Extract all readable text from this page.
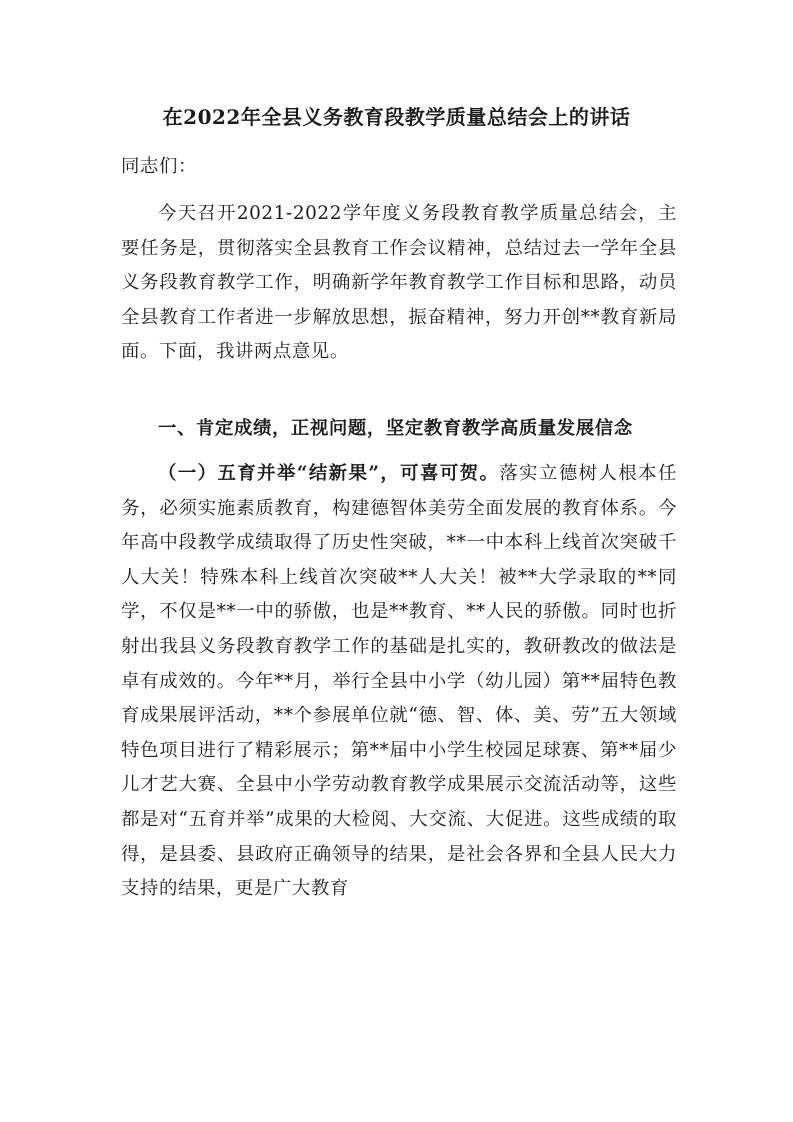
在2022年全县义务教育段教学质量总结会上的讲话
同志们：
今天召开2021-2022学年度义务段教育教学质量总结会，主要任务是，贯彻落实全县教育工作会议精神，总结过去一学年全县义务段教育教学工作，明确新学年教育教学工作目标和思路，动员全县教育工作者进一步解放思想，振奋精神，努力开创**教育新局面。下面，我讲两点意见。
一、肯定成绩，正视问题，坚定教育教学高质量发展信念
（一）五育并举“结新果”，可喜可贺。落实立德树人根本任务，必须实施素质教育，构建德智体美劳全面发展的教育体系。今年高中段教学成绩取得了历史性突破，**一中本科上线首次突破千人大关！特殊本科上线首次突破**人大关！被**大学录取的**同学，不仅是**一中的骄傲，也是**教育、**人民的骄傲。同时也折射出我县义务段教育教学工作的基础是扎实的，教研教改的做法是卓有成效的。今年**月，举行全县中小学（幼儿园）第**届特色教育成果展评活动，**个参展单位就“德、智、体、美、劳”五大领域特色项目进行了精彩展示；第**届中小学生校园足球赛、第**届少儿才艺大赛、全县中小学劳动教育教学成果展示交流活动等，这些都是对“五育并举”成果的大检阅、大交流、大促进。这些成绩的取得，是县委、县政府正确领导的结果，是社会各界和全县人民大力支持的结果，更是广大教育
